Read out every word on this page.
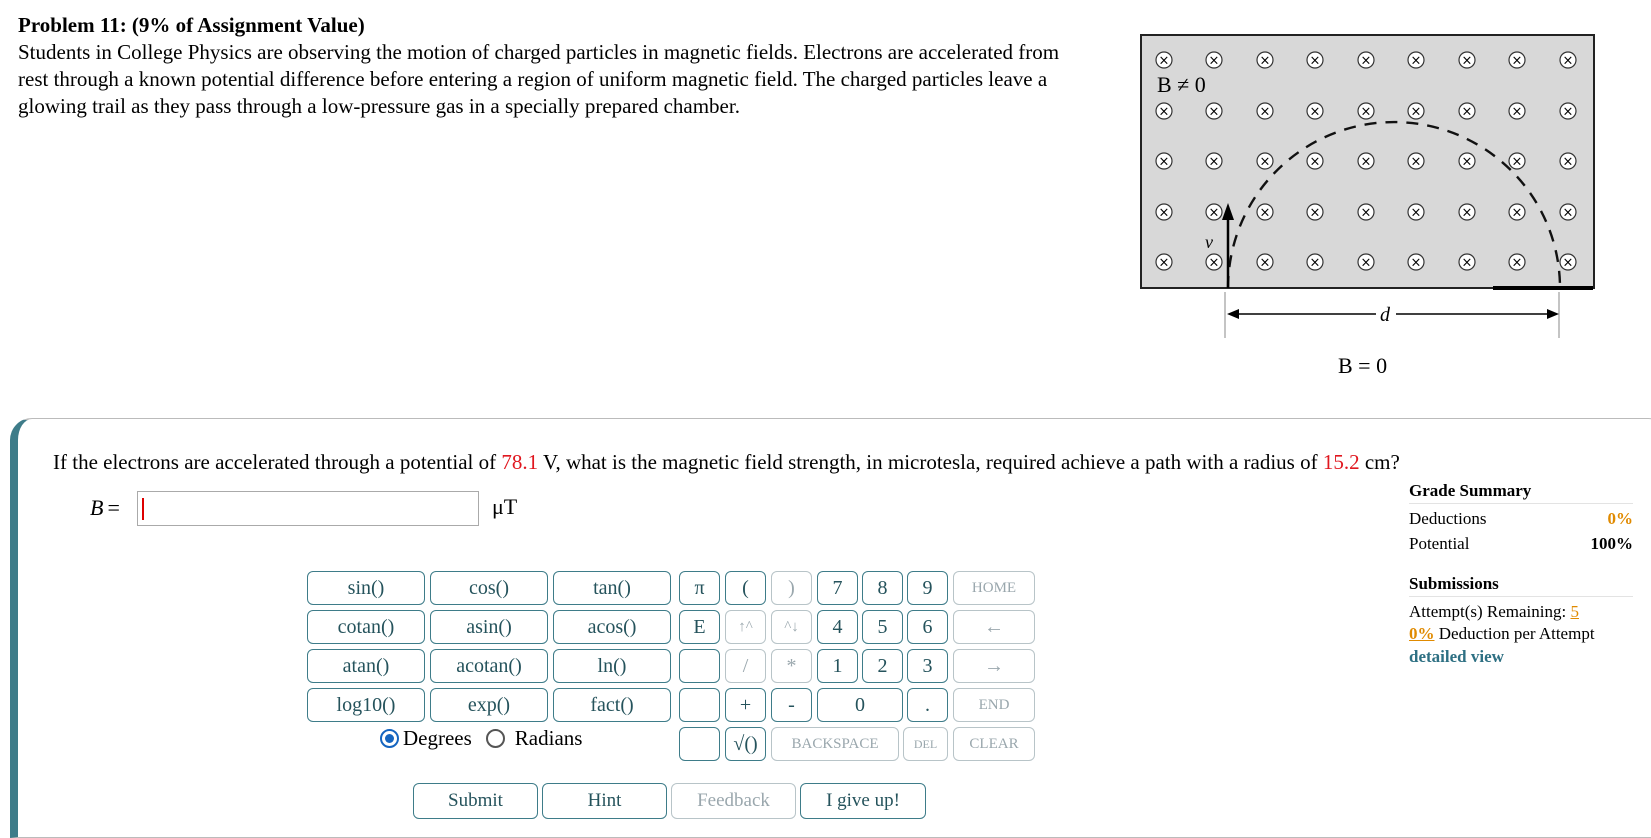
Problem 11: (9% of Assignment Value)
Students in College Physics are observing the motion of charged particles in magnetic fields. Electrons are accelerated from rest through a known potential difference before entering a region of uniform magnetic field. The charged particles leave a glowing trail as they pass through a low-pressure gas in a specially prepared chamber.
×	×	×	×	×	×	×	×	×
×	×	×	×	×	×	×	×	×
×	×	×	×	×	×	×	×	×
×	×	×	×	×	×	×	×	×
×	×	×	×	×	×	×	×	×
v
B ≠ 0
d
B = 0
If the electrons are accelerated through a potential of 78.1 V, what is the magnetic field strength, in microtesla, required achieve a path with a radius of 15.2 cm?
B =	μT
sin()	cos()	tan()
cotan()	asin()	acos()
atan()	acotan()	ln()
log10()	exp()	fact()
π	(	)
E	↑^	^↓
/	*
+	-
√()
7	8	9
4	5	6
1	2	3
0	.
HOME
←
→
END
BACKSPACE	DEL	CLEAR
Degrees Radians
Submit	Hint	Feedback	I give up!
Grade Summary
Deductions	0%
Potential	100%
Submissions
Attempt(s) Remaining: 5
0% Deduction per Attempt
detailed view
